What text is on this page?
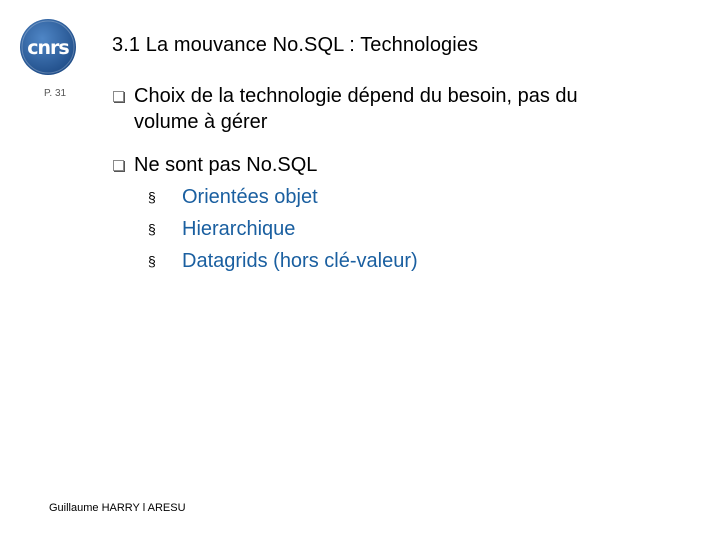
cnrs 3.1 La mouvance No.SQL : Technologies
P. 31	Choix de la technologie dépend du besoin, pas du
volume à gérer
Ne sont pas No.SQL
§ Orientées objet
§ Hierarchique
§ Datagrids (hors clé-valeur)
Guillaume HARRY l ARESU
